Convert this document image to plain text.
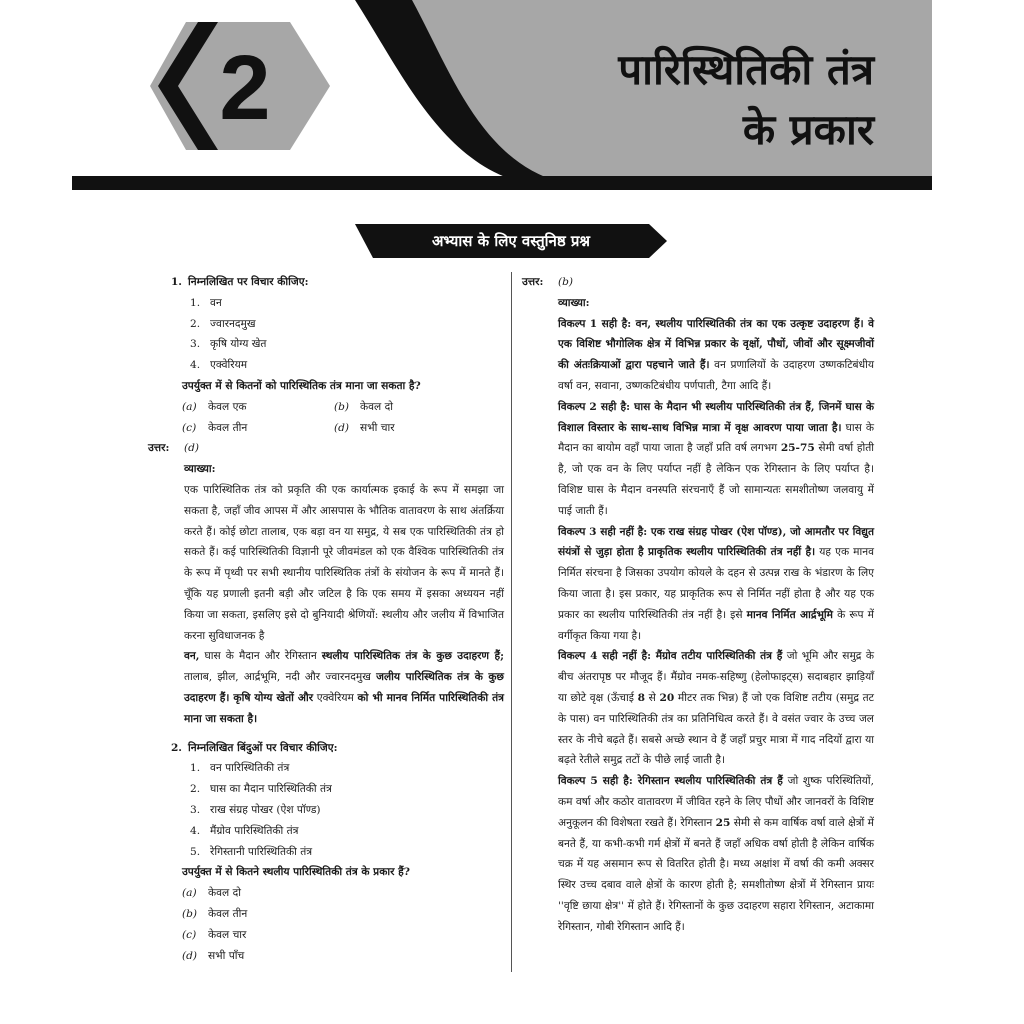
2	पारिस्थितिकी तंत्र
के प्रकार
अभ्यास के लिए वस्तुनिष्ठ प्रश्न
1. निम्नलिखित पर विचार कीजिए:
1. वन
2. ज्वारनदमुख
3. कृषि योग्य खेत
4. एक्वेरियम
उपर्युक्त में से कितनों को पारिस्थितिक तंत्र माना जा सकता है?
(a)	केवल एक	(b)	केवल दो
(c)	केवल तीन	(d)	सभी चार
उत्तर:	(d)
व्याख्या:
एक पारिस्थितिक तंत्र को प्रकृति की एक कार्यात्मक इकाई के रूप में समझा जा सकता है, जहाँ जीव आपस में और आसपास के भौतिक वातावरण के साथ अंतर्क्रिया करते हैं। कोई छोटा तालाब, एक बड़ा वन या समुद्र, ये सब एक पारिस्थितिकी तंत्र हो सकते हैं। कई पारिस्थितिकी विज्ञानी पूरे जीवमंडल को एक वैश्विक पारिस्थितिकी तंत्र के रूप में पृथ्वी पर सभी स्थानीय पारिस्थितिक तंत्रों के संयोजन के रूप में मानते हैं। चूँकि यह प्रणाली इतनी बड़ी और जटिल है कि एक समय में इसका अध्ययन नहीं किया जा सकता, इसलिए इसे दो बुनियादी श्रेणियों: स्थलीय और जलीय में विभाजित करना सुविधाजनक है
वन, घास के मैदान और रेगिस्तान स्थलीय पारिस्थितिक तंत्र के कुछ उदाहरण हैं; तालाब, झील, आर्द्रभूमि, नदी और ज्वारनदमुख जलीय पारिस्थितिक तंत्र के कुछ उदाहरण हैं। कृषि योग्य खेतों और एक्वेरियम को भी मानव निर्मित पारिस्थितिकी तंत्र माना जा सकता है।
2. निम्नलिखित बिंदुओं पर विचार कीजिए:
1. वन पारिस्थितिकी तंत्र
2. घास का मैदान पारिस्थितिकी तंत्र
3. राख संग्रह पोखर (ऐश पॉण्ड)
4. मैंग्रोव पारिस्थितिकी तंत्र
5. रेगिस्तानी पारिस्थितिकी तंत्र
उपर्युक्त में से कितने स्थलीय पारिस्थितिकी तंत्र के प्रकार हैं?
(a)	केवल दो
(b)	केवल तीन
(c)	केवल चार
(d)	सभी पाँच
उत्तर:	(b)
व्याख्या:
विकल्प 1 सही है: वन, स्थलीय पारिस्थितिकी तंत्र का एक उत्कृष्ट उदाहरण हैं। वे एक विशिष्ट भौगोलिक क्षेत्र में विभिन्न प्रकार के वृक्षों, पौधों, जीवों और सूक्ष्मजीवों की अंतःक्रियाओं द्वारा पहचाने जाते हैं। वन प्रणालियों के उदाहरण उष्णकटिबंधीय वर्षा वन, सवाना, उष्णकटिबंधीय पर्णपाती, टैगा आदि हैं।
विकल्प 2 सही है: घास के मैदान भी स्थलीय पारिस्थितिकी तंत्र हैं, जिनमें घास के विशाल विस्तार के साथ-साथ विभिन्न मात्रा में वृक्ष आवरण पाया जाता है। घास के मैदान का बायोम वहाँ पाया जाता है जहाँ प्रति वर्ष लगभग 25-75 सेमी वर्षा होती है, जो एक वन के लिए पर्याप्त नहीं है लेकिन एक रेगिस्तान के लिए पर्याप्त है। विशिष्ट घास के मैदान वनस्पति संरचनाएँ हैं जो सामान्यतः समशीतोष्ण जलवायु में पाई जाती हैं।
विकल्प 3 सही नहीं है: एक राख संग्रह पोखर (ऐश पॉण्ड), जो आमतौर पर विद्युत संयंत्रों से जुड़ा होता है प्राकृतिक स्थलीय पारिस्थितिकी तंत्र नहीं है। यह एक मानव निर्मित संरचना है जिसका उपयोग कोयले के दहन से उत्पन्न राख के भंडारण के लिए किया जाता है। इस प्रकार, यह प्राकृतिक रूप से निर्मित नहीं होता है और यह एक प्रकार का स्थलीय पारिस्थितिकी तंत्र नहीं है। इसे मानव निर्मित आर्द्रभूमि के रूप में वर्गीकृत किया गया है।
विकल्प 4 सही नहीं है: मैंग्रोव तटीय पारिस्थितिकी तंत्र हैं जो भूमि और समुद्र के बीच अंतरापृष्ठ पर मौजूद हैं। मैंग्रोव नमक-सहिष्णु (हेलोफाइट्स) सदाबहार झाड़ियाँ या छोटे वृक्ष (ऊँचाई 8 से 20 मीटर तक भिन्न) हैं जो एक विशिष्ट तटीय (समुद्र तट के पास) वन पारिस्थितिकी तंत्र का प्रतिनिधित्व करते हैं। वे वसंत ज्वार के उच्च जल स्तर के नीचे बढ़ते हैं। सबसे अच्छे स्थान वे हैं जहाँ प्रचुर मात्रा में गाद नदियों द्वारा या बढ़ते रेतीले समुद्र तटों के पीछे लाई जाती है।
विकल्प 5 सही है: रेगिस्तान स्थलीय पारिस्थितिकी तंत्र हैं जो शुष्क परिस्थितियों, कम वर्षा और कठोर वातावरण में जीवित रहने के लिए पौधों और जानवरों के विशिष्ट अनुकूलन की विशेषता रखते हैं। रेगिस्तान 25 सेमी से कम वार्षिक वर्षा वाले क्षेत्रों में बनते हैं, या कभी-कभी गर्म क्षेत्रों में बनते हैं जहाँ अधिक वर्षा होती है लेकिन वार्षिक चक्र में यह असमान रूप से वितरित होती है। मध्य अक्षांश में वर्षा की कमी अक्सर स्थिर उच्च दबाव वाले क्षेत्रों के कारण होती है; समशीतोष्ण क्षेत्रों में रेगिस्तान प्रायः ''वृष्टि छाया क्षेत्र'' में होते हैं। रेगिस्तानों के कुछ उदाहरण सहारा रेगिस्तान, अटाकामा रेगिस्तान, गोबी रेगिस्तान आदि हैं।
